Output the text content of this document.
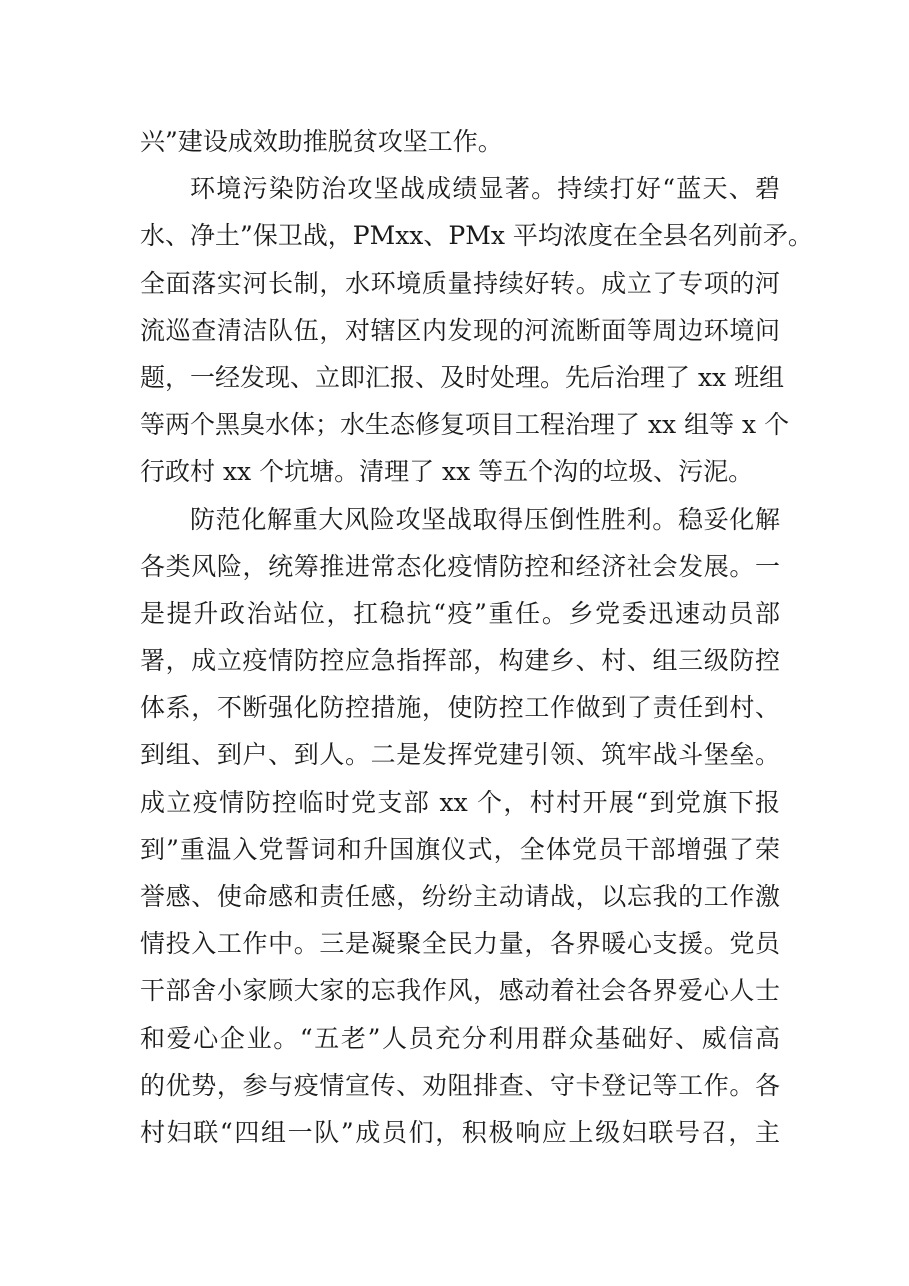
兴”建设成效助推脱贫攻坚工作。
环境污染防治攻坚战成绩显著。持续打好“蓝天、碧
水、净土”保卫战，PMxx、PMx 平均浓度在全县名列前矛。
全面落实河长制，水环境质量持续好转。成立了专项的河
流巡查清洁队伍，对辖区内发现的河流断面等周边环境问
题，一经发现、立即汇报、及时处理。先后治理了 xx 班组
等两个黑臭水体；水生态修复项目工程治理了 xx 组等 x 个
行政村 xx 个坑塘。清理了 xx 等五个沟的垃圾、污泥。
防范化解重大风险攻坚战取得压倒性胜利。稳妥化解
各类风险，统筹推进常态化疫情防控和经济社会发展。一
是提升政治站位，扛稳抗“疫”重任。乡党委迅速动员部
署，成立疫情防控应急指挥部，构建乡、村、组三级防控
体系，不断强化防控措施，使防控工作做到了责任到村、
到组、到户、到人。二是发挥党建引领、筑牢战斗堡垒。
成立疫情防控临时党支部 xx 个，村村开展“到党旗下报
到”重温入党誓词和升国旗仪式，全体党员干部增强了荣
誉感、使命感和责任感，纷纷主动请战，以忘我的工作激
情投入工作中。三是凝聚全民力量，各界暖心支援。党员
干部舍小家顾大家的忘我作风，感动着社会各界爱心人士
和爱心企业。“五老”人员充分利用群众基础好、威信高
的优势，参与疫情宣传、劝阻排查、守卡登记等工作。各
村妇联“四组一队”成员们，积极响应上级妇联号召，主
